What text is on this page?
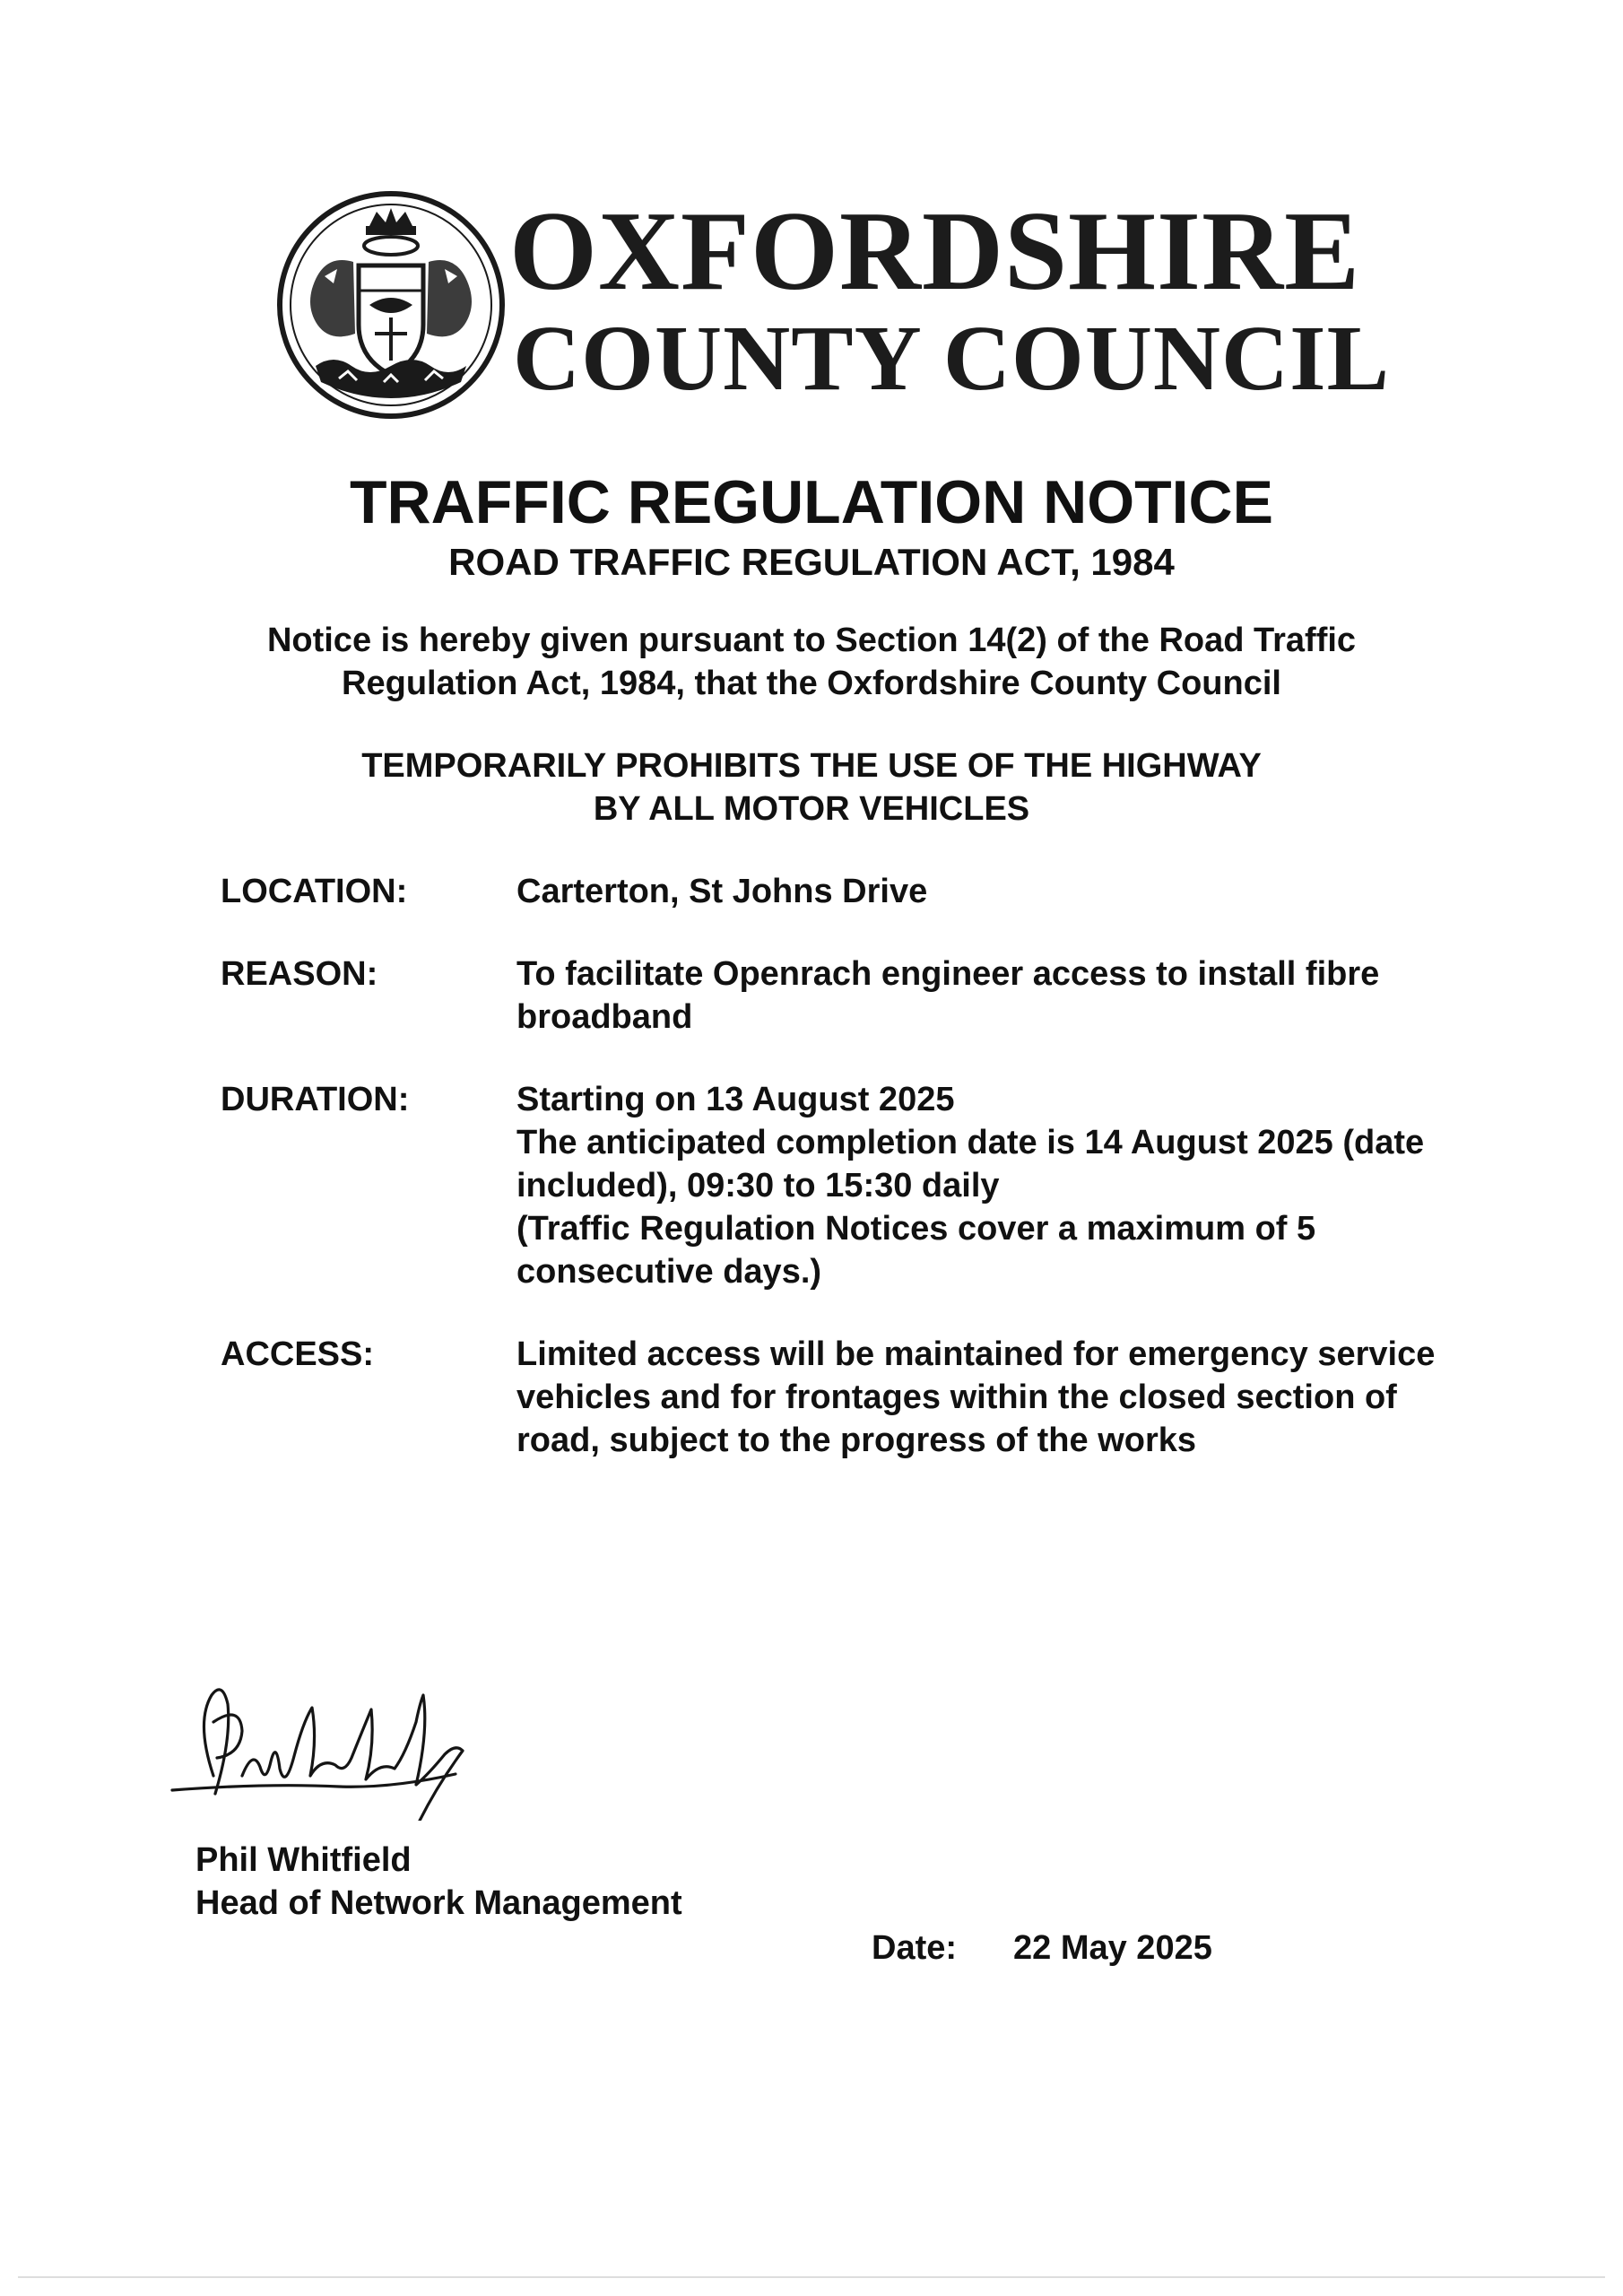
OXFORDSHIRE
COUNTY COUNCIL
TRAFFIC REGULATION NOTICE
ROAD TRAFFIC REGULATION ACT, 1984
Notice is hereby given pursuant to Section 14(2) of the Road Traffic
Regulation Act, 1984, that the Oxfordshire County Council
TEMPORARILY PROHIBITS THE USE OF THE HIGHWAY
BY ALL MOTOR VEHICLES
LOCATION:	Carterton, St Johns Drive
REASON:	To facilitate Openrach engineer access to install fibre
broadband
DURATION:	Starting on 13 August 2025
The anticipated completion date is 14 August 2025 (date
included), 09:30 to 15:30 daily
(Traffic Regulation Notices cover a maximum of 5
consecutive days.)
ACCESS:	Limited access will be maintained for emergency service
vehicles and for frontages within the closed section of
road, subject to the progress of the works
Phil Whitfield
Head of Network Management
Date: 22 May 2025
